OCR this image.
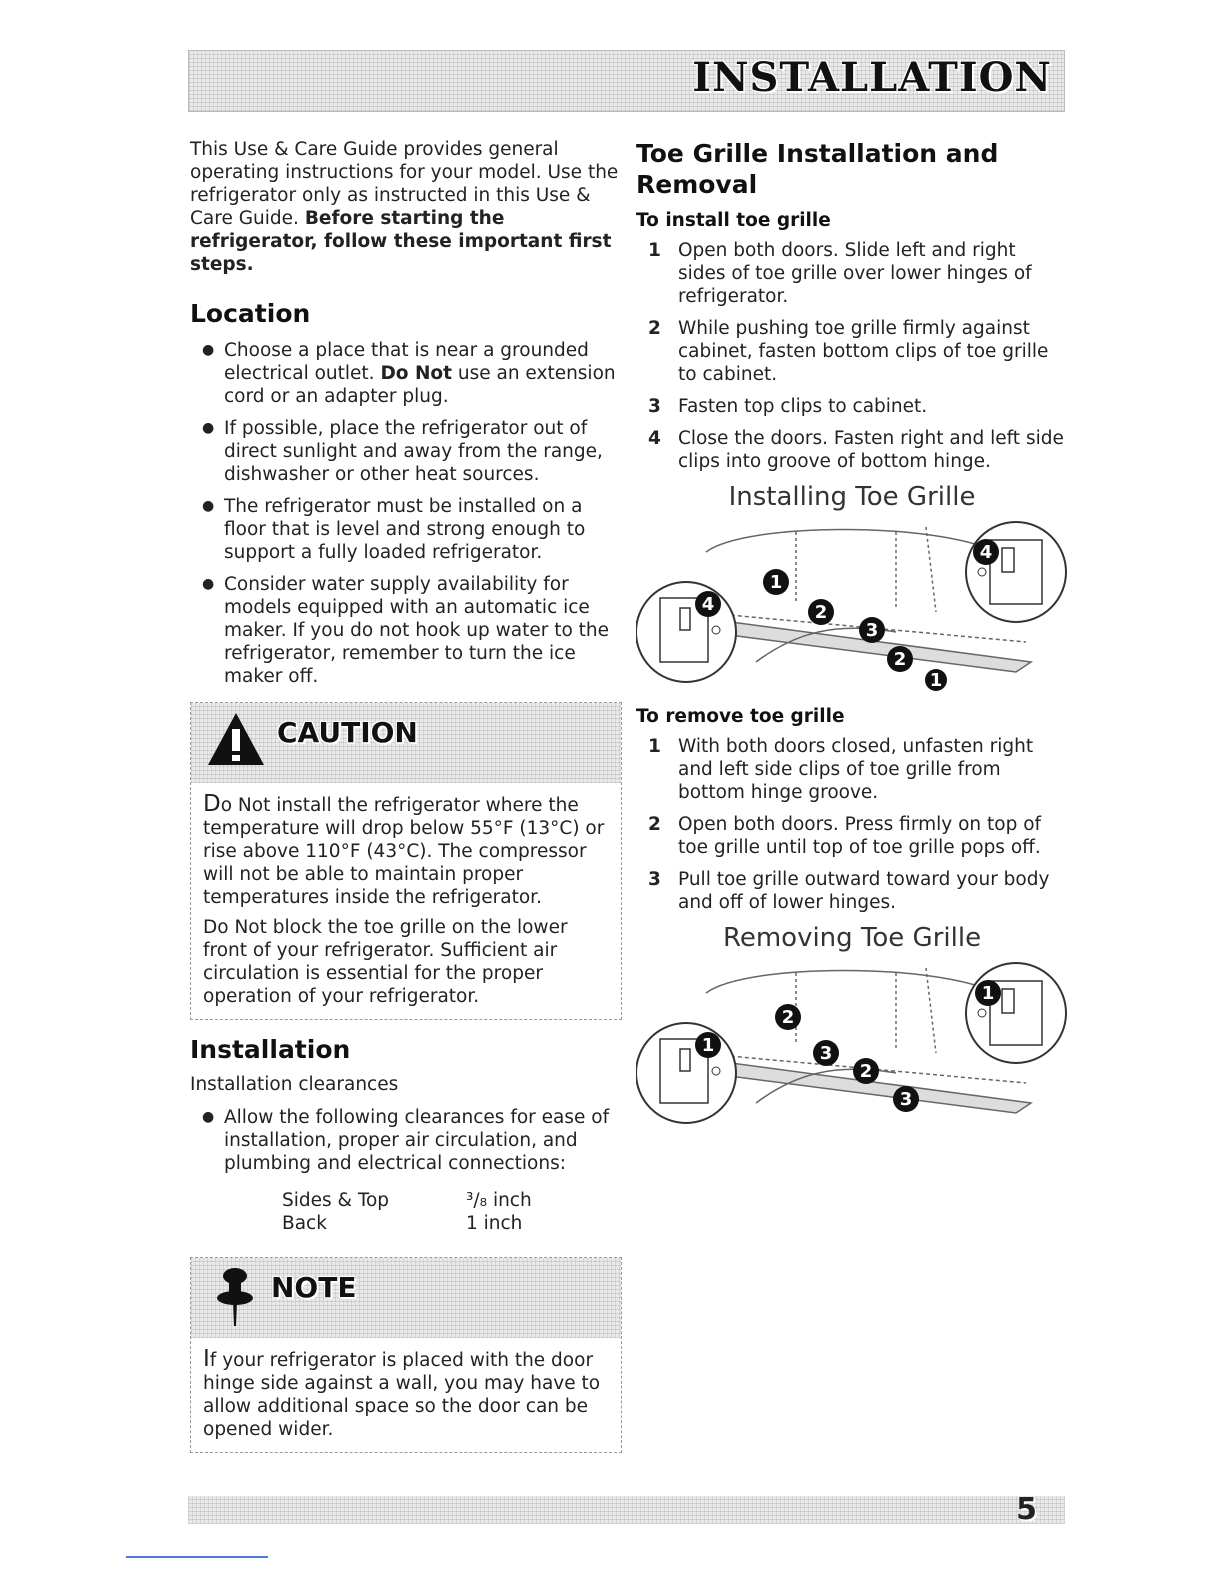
INSTALLATION

This Use & Care Guide provides general operating instructions for your model. Use the refrigerator only as instructed in this Use & Care Guide. Before starting the refrigerator, follow these important first steps.

Location
● Choose a place that is near a grounded electrical outlet. Do Not use an extension cord or an adapter plug.
● If possible, place the refrigerator out of direct sunlight and away from the range, dishwasher or other heat sources.
● The refrigerator must be installed on a floor that is level and strong enough to support a fully loaded refrigerator.
● Consider water supply availability for models equipped with an automatic ice maker. If you do not hook up water to the refrigerator, remember to turn the ice maker off.
CAUTION

Do Not install the refrigerator where the temperature will drop below 55°F (13°C) or rise above 110°F (43°C). The compressor will not be able to maintain proper temperatures inside the refrigerator.

Do Not block the toe grille on the lower front of your refrigerator. Sufficient air circulation is essential for the proper operation of your refrigerator.

Installation

Installation clearances

● Allow the following clearances for ease of installation, proper air circulation, and plumbing and electrical connections:
Sides & Top	³/₈ inch
Back	1 inch
NOTE

If your refrigerator is placed with the door hinge side against a wall, you may have to allow additional space so the door can be opened wider.

Toe Grille Installation and Removal
To install toe grille
1 Open both doors. Slide left and right sides of toe grille over lower hinges of refrigerator.
2 While pushing toe grille firmly against cabinet, fasten bottom clips of toe grille to cabinet.
3 Fasten top clips to cabinet.
4 Close the doors. Fasten right and left side clips into groove of bottom hinge.
Installing Toe Grille
4
1
2
3
2
1
4
To remove toe grille
1 With both doors closed, unfasten right and left side clips of toe grille from bottom hinge groove.
2 Open both doors. Press firmly on top of toe grille until top of toe grille pops off.
3 Pull toe grille outward toward your body and off of lower hinges.
Removing Toe Grille
1
2
3
2
3
1
5
